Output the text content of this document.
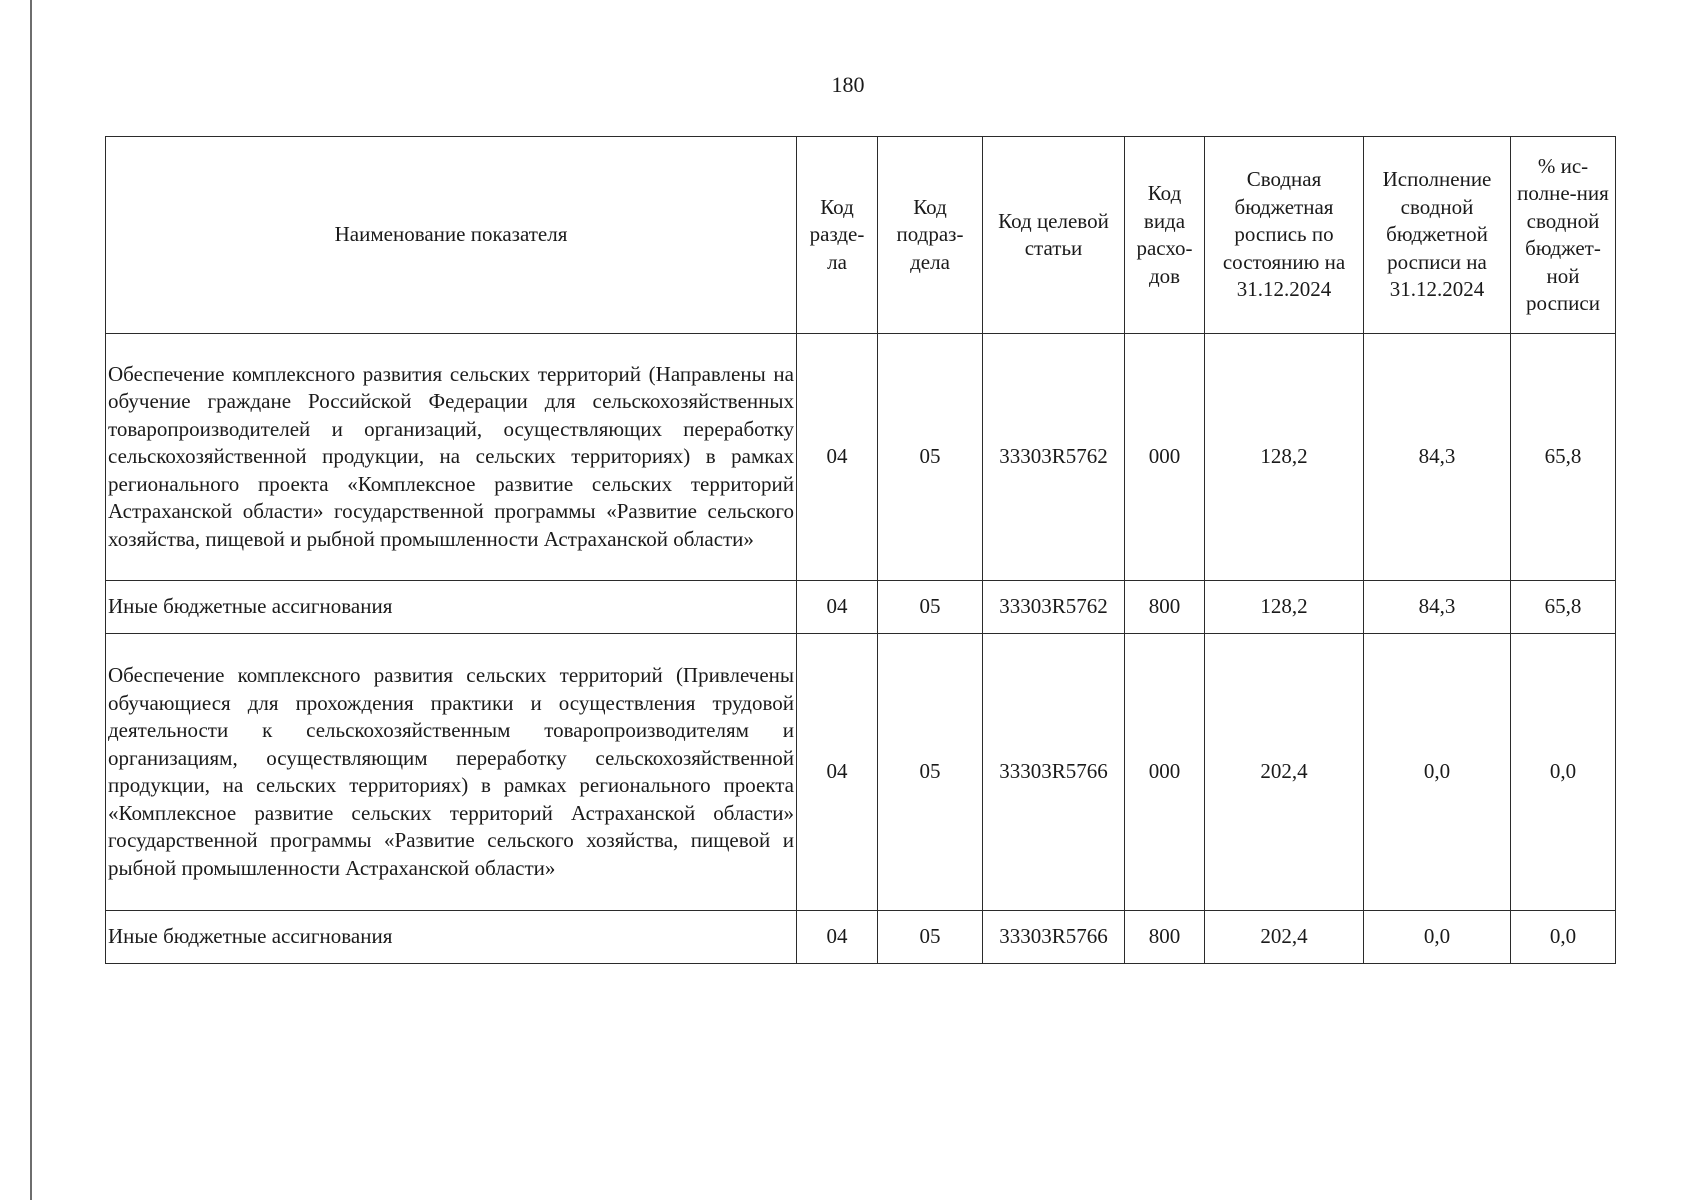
180
Наименование показателя	Код разде-ла	Код подраз-дела	Код целевой статьи	Код вида расхо-дов	Сводная бюджетная роспись по состоянию на 31.12.2024	Исполнение сводной бюджетной росписи на 31.12.2024	% ис-полне-ния сводной бюджет-ной росписи
Обеспечение комплексного развития сельских территорий (Направлены на обучение граждане Российской Федерации для сельскохозяйственных товаропроизводителей и организаций, осуществляющих переработку сельскохозяйственной продукции, на сельских территориях) в рамках регионального проекта «Комплексное развитие сельских территорий Астраханской области» государственной программы «Развитие сельского хозяйства, пищевой и рыбной промышленности Астраханской области»	04	05	33303R5762	000	128,2	84,3	65,8
Иные бюджетные ассигнования	04	05	33303R5762	800	128,2	84,3	65,8
Обеспечение комплексного развития сельских территорий (Привлечены обучающиеся для прохождения практики и осуществления трудовой деятельности к сельскохозяйственным товаропроизводителям и организациям, осуществляющим переработку сельскохозяйственной продукции, на сельских территориях) в рамках регионального проекта «Комплексное развитие сельских территорий Астраханской области» государственной программы «Развитие сельского хозяйства, пищевой и рыбной промышленности Астраханской области»	04	05	33303R5766	000	202,4	0,0	0,0
Иные бюджетные ассигнования	04	05	33303R5766	800	202,4	0,0	0,0
